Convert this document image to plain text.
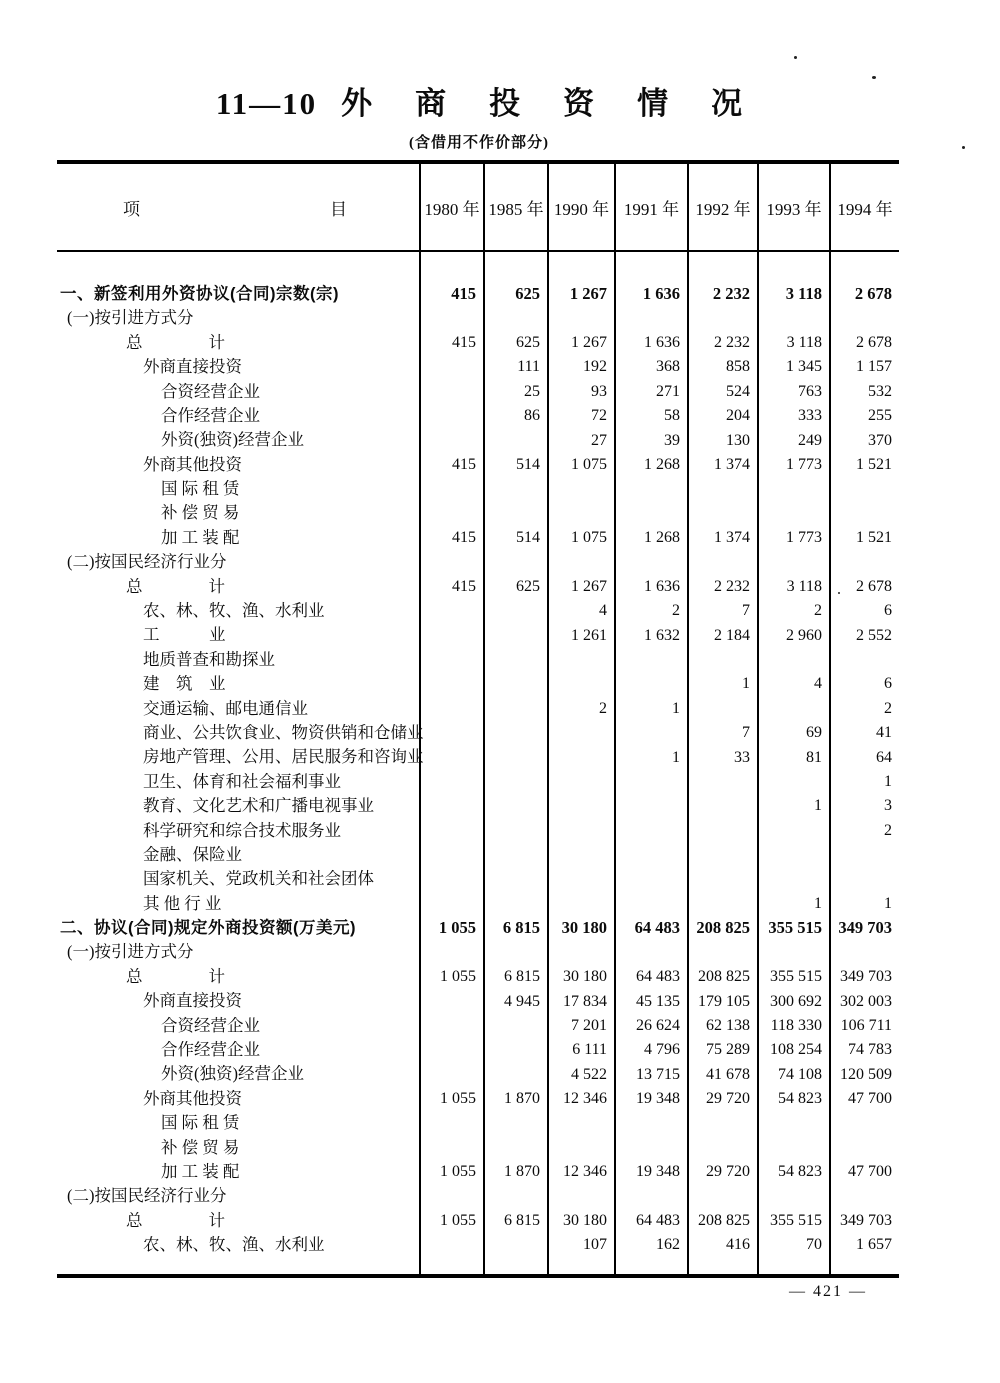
11—10 外商投资情况
(含借用不作价部分)
项 目	1980 年	1985 年	1990 年	1991 年	1992 年	1993 年	1994 年
一、新签利用外资协议(合同)宗数(宗)	415	625	1 267	1 636	2 232	3 118	2 678
(一)按引进方式分							
总　　　　计	415	625	1 267	1 636	2 232	3 118	2 678
外商直接投资		111	192	368	858	1 345	1 157
合资经营企业		25	93	271	524	763	532
合作经营企业		86	72	58	204	333	255
外资(独资)经营企业			27	39	130	249	370
外商其他投资	415	514	1 075	1 268	1 374	1 773	1 521
国 际 租 赁							
补 偿 贸 易							
加 工 装 配	415	514	1 075	1 268	1 374	1 773	1 521
(二)按国民经济行业分							
总　　　　计	415	625	1 267	1 636	2 232	3 118	2 678
农、林、牧、渔、水利业			4	2	7	2	6
工　　　业			1 261	1 632	2 184	2 960	2 552
地质普查和勘探业							
建　筑　业					1	4	6
交通运输、邮电通信业			2	1			2
商业、公共饮食业、物资供销和仓储业					7	69	41
房地产管理、公用、居民服务和咨询业				1	33	81	64
卫生、体育和社会福利事业							1
教育、文化艺术和广播电视事业						1	3
科学研究和综合技术服务业							2
金融、保险业							
国家机关、党政机关和社会团体							
其 他 行 业						1	1
二、协议(合同)规定外商投资额(万美元)	1 055	6 815	30 180	64 483	208 825	355 515	349 703
(一)按引进方式分							
总　　　　计	1 055	6 815	30 180	64 483	208 825	355 515	349 703
外商直接投资		4 945	17 834	45 135	179 105	300 692	302 003
合资经营企业			7 201	26 624	62 138	118 330	106 711
合作经营企业			6 111	4 796	75 289	108 254	74 783
外资(独资)经营企业			4 522	13 715	41 678	74 108	120 509
外商其他投资	1 055	1 870	12 346	19 348	29 720	54 823	47 700
国 际 租 赁							
补 偿 贸 易							
加 工 装 配	1 055	1 870	12 346	19 348	29 720	54 823	47 700
(二)按国民经济行业分							
总　　　　计	1 055	6 815	30 180	64 483	208 825	355 515	349 703
农、林、牧、渔、水利业			107	162	416	70	1 657
— 421 —
